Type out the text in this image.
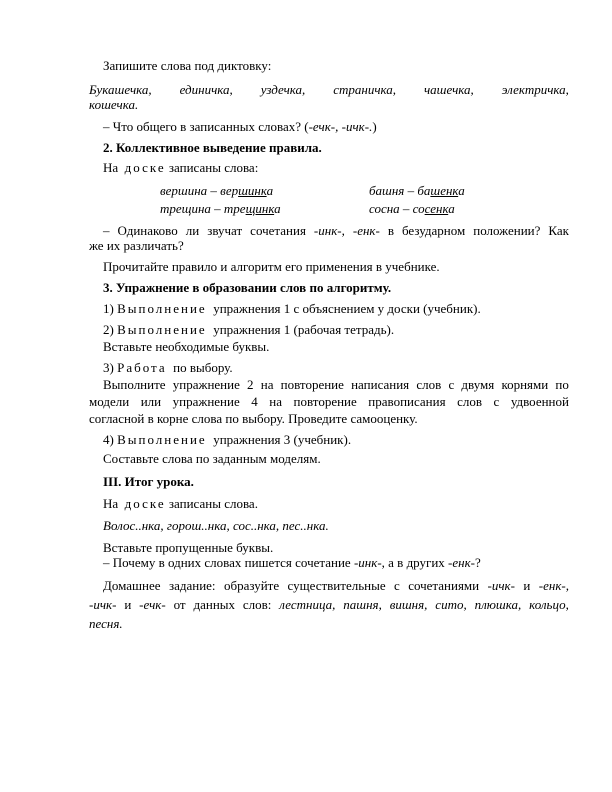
Запишите слова под диктовку:
Букашечка, единичка, уздечка, страничка, чашечка, электричка,
кошечка.
– Что общего в записанных словах? (-ечк-, -ичк-.)
2. Коллективное выведение правила.
На доске записаны слова:
вершина – вершинка	башня – башенка
трещина – трещинка	сосна – сосенка
– Одинаково ли звучат сочетания -инк-, -енк- в безударном положении? Как
же их различать?
Прочитайте правило и алгоритм его применения в учебнике.
3. Упражнение в образовании слов по алгоритму.
1) Выполнение упражнения 1 с объяснением у доски (учебник).
2) Выполнение упражнения 1 (рабочая тетрадь).
Вставьте необходимые буквы.
3) Работа по выбору.
Выполните упражнение 2 на повторение написания слов с двумя корнями по
модели или упражнение 4 на повторение правописания слов с удвоенной
согласной в корне слова по выбору. Проведите самооценку.
4) Выполнение упражнения 3 (учебник).
Составьте слова по заданным моделям.
III. Итог урока.
На доске записаны слова.
Волос..нка, горош..нка, сос..нка, пес..нка.
Вставьте пропущенные буквы.
– Почему в одних словах пишется сочетание -инк-, а в других -енк-?
Домашнее задание: образуйте существительные с сочетаниями -ичк- и -енк-,
-ичк- и -ечк- от данных слов: лестница, пашня, вишня, сито, плюшка, кольцо,
песня.
